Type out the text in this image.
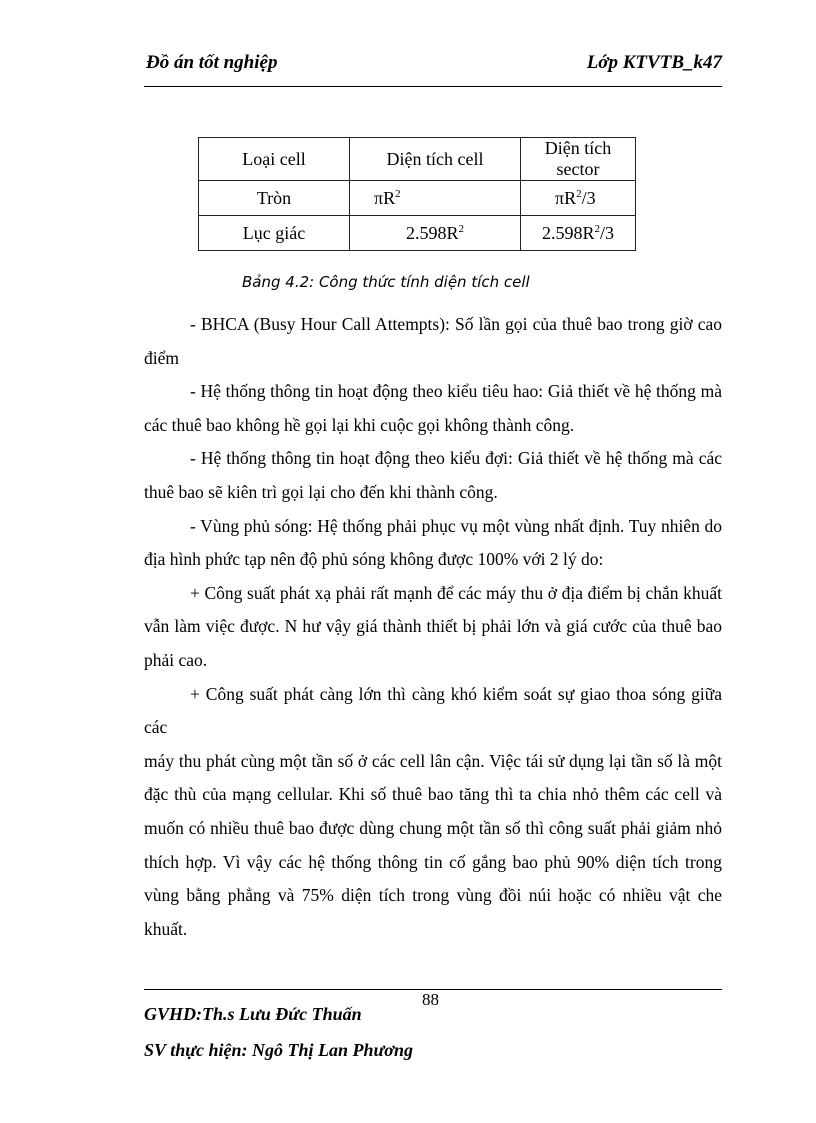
Đồ án tốt nghiệp	Lớp KTVTB_k47
Loại cell	Diện tích cell	Diện tích sector
Tròn	$\pi R^2$	$\pi R^2/3$
Lục giác	$2.598R^2$	$2.598R^2/3$
Bảng 4.2: Công thức tính diện tích cell

- BHCA (Busy Hour Call Attempts): Số lần gọi của thuê bao trong giờ cao điểm

- Hệ thống thông tin hoạt động theo kiểu tiêu hao: Giả thiết về hệ thống mà các thuê bao không hề gọi lại khi cuộc gọi không thành công.

- Hệ thống thông tin hoạt động theo kiểu đợi: Giả thiết về hệ thống mà các thuê bao sẽ kiên trì gọi lại cho đến khi thành công.

- Vùng phủ sóng: Hệ thống phải phục vụ một vùng nhất định. Tuy nhiên do địa hình phức tạp nên độ phủ sóng không được 100% với 2 lý do:

+ Công suất phát xạ phải rất mạnh để các máy thu ở địa điểm bị chắn khuất vẫn làm việc được. N hư vậy giá thành thiết bị phải lớn và giá cước của thuê bao phải cao.

+ Công suất phát càng lớn thì càng khó kiểm soát sự giao thoa sóng giữa các

máy thu phát cùng một tần số ở các cell lân cận. Việc tái sử dụng lại tần số là một đặc thù của mạng cellular. Khi số thuê bao tăng thì ta chia nhỏ thêm các cell và muốn có nhiều thuê bao được dùng chung một tần số thì công suất phải giảm nhỏ thích hợp. Vì vậy các hệ thống thông tin cố gắng bao phủ 90% diện tích trong vùng bằng phẳng và 75% diện tích trong vùng đồi núi hoặc có nhiều vật che khuất.

88
GVHD:Th.s Lưu Đức Thuấn
SV thực hiện: Ngô Thị Lan Phương
